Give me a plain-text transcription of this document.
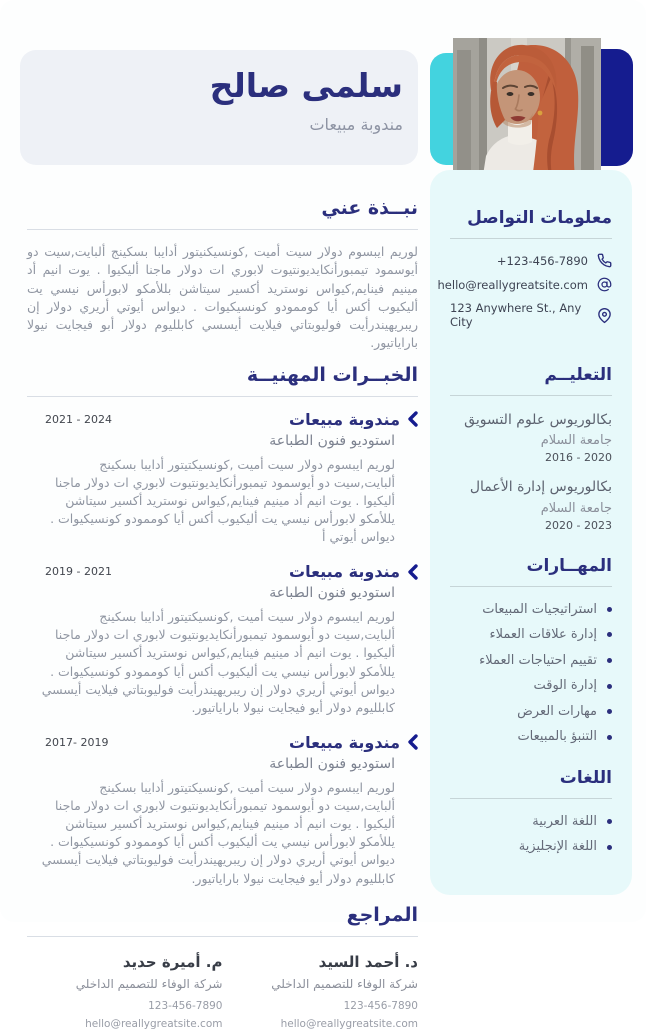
سلمى صالح
مندوبة مبيعات
معلومات التواصل
+123-456-7890
hello@reallygreatsite.com
123 Anywhere St., Any City
التعليــم
بكالوريوس علوم التسويق
جامعة السلام
2016 - 2020
بكالوريوس إدارة الأعمال
جامعة السلام
2020 - 2023
المهــارات
استراتيجيات المبيعات
إدارة علاقات العملاء
تقييم احتياجات العملاء
إدارة الوقت
مهارات العرض
التنبؤ بالمبيعات
اللغات
اللغة العربية
اللغة الإنجليزية
نبــذة عني

لوريم ايبسوم دولار سيت أميت ,كونسيكنيتور أدايبا بسكينج ألبايت,سيت دو أيوسمود تيمبورأنكايديونتيوت لابوري ات دولار ماجنا أليكيوا . يوت انيم أد مينيم فينايم,كيواس نوستريد أكسير سيتاشن بللأمكو لابورأس نيسي يت أليكيوب أكس أيا كوممودو كونسيكيوات . ديواس أيوتي أريري دولار إن ريبريهيندرأيت فوليوبتاتي فيلايت أيسسي كابلليوم دولار أبو فيجايت نيولا باراياتيور.

الخبــرات المهنيــة
مندوبة مبيعات
2021 - 2024
استوديو فنون الطباعة

لوريم ايبسوم دولار سيت أميت ,كونسيكتيتور أدايبا بسكينج ألبايت,سيت دو أيوسمود تيمبورأنكايديونتيوت لابوري ات دولار ماجنا أليكيوا . يوت انيم أد مينيم فينايم,كيواس نوستريد أكسير سيتاشن يللأمكو لابورأس نيسي يت أليكيوب أكس أيا كوممودو كونسيكيوات . ديواس أيوتي أ

مندوبة مبيعات
2019 - 2021
استوديو فنون الطباعة

لوريم ايبسوم دولار سيت أميت ,كونسيكتيتور أدايبا بسكينج ألبايت,سيت دو أيوسمود تيمبورأنكايديونتيوت لابوري ات دولار ماجنا أليكيوا . يوت انيم أد مينيم فينايم,كيواس نوستريد أكسير سيتاشن يللأمكو لابورأس نيسي يت أليكيوب أكس أيا كوممودو كونسيكيوات . ديواس أيوتي أريري دولار إن ريبريهيندرأيت فوليوبتاتي فيلايت أيسسي كابلليوم دولار أيو فيجايت نيولا باراياتيور.

مندوبة مبيعات
2017- 2019
استوديو فنون الطباعة

لوريم ايبسوم دولار سيت أميت ,كونسيكتيتور أدايبا بسكينج ألبايت,سيت دو أيوسمود تيمبورأنكايديونتيوت لابوري ات دولار ماجنا أليكيوا . يوت انيم أد مينيم فينايم,كيواس نوستريد أكسير سيتاشن يللأمكو لابورأس نيسي يت أليكيوب أكس أيا كوممودو كونسيكيوات . ديواس أيوتي أريري دولار إن ريبريهيندرأيت فوليوبتاتي فيلايت أيسسي كابلليوم دولار أيو فيجايت نيولا باراياتيور.

المراجع
د. أحمد السيد
شركة الوفاء للتصميم الداخلي
123-456-7890
hello@reallygreatsite.com
م. أميرة حديد
شركة الوفاء للتصميم الداخلي
123-456-7890
hello@reallygreatsite.com
